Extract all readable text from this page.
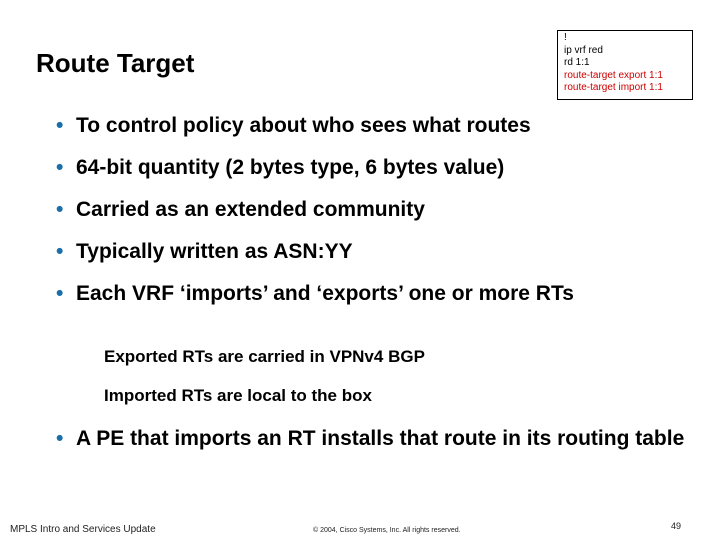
Route Target
!
ip vrf red
rd 1:1
route-target export 1:1
route-target import 1:1
• To control policy about who sees what routes
• 64-bit quantity (2 bytes type, 6 bytes value)
• Carried as an extended community
• Typically written as ASN:YY
• Each VRF ‘imports’ and ‘exports’ one or more RTs
Exported RTs are carried in VPNv4 BGP
Imported RTs are local to the box
• A PE that imports an RT installs that route in its routing table
MPLS Intro and Services Update	© 2004, Cisco Systems, Inc. All rights reserved.	49
